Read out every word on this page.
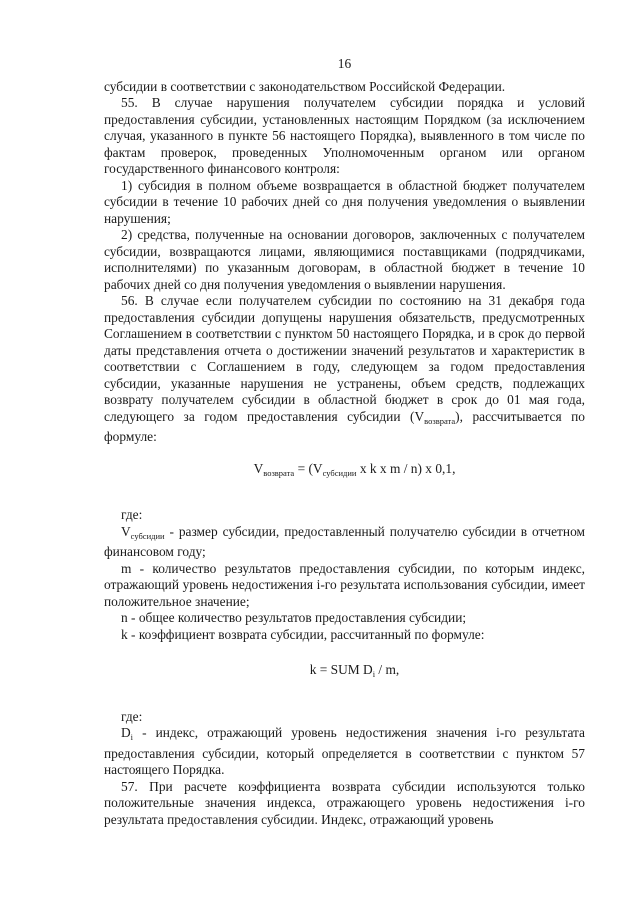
16

субсидии в соответствии с законодательством Российской Федерации.

55. В случае нарушения получателем субсидии порядка и условий предоставления субсидии, установленных настоящим Порядком (за исключением случая, указанного в пункте 56 настоящего Порядка), выявленного в том числе по фактам проверок, проведенных Уполномоченным органом или органом государственного финансового контроля:

1) субсидия в полном объеме возвращается в областной бюджет получателем субсидии в течение 10 рабочих дней со дня получения уведомления о выявлении нарушения;

2) средства, полученные на основании договоров, заключенных с получателем субсидии, возвращаются лицами, являющимися поставщиками (подрядчиками, исполнителями) по указанным договорам, в областной бюджет в течение 10 рабочих дней со дня получения уведомления о выявлении нарушения.

56. В случае если получателем субсидии по состоянию на 31 декабря года предоставления субсидии допущены нарушения обязательств, предусмотренных Соглашением в соответствии с пунктом 50 настоящего Порядка, и в срок до первой даты представления отчета о достижении значений результатов и характеристик в соответствии с Соглашением в году, следующем за годом предоставления субсидии, указанные нарушения не устранены, объем средств, подлежащих возврату получателем субсидии в областной бюджет в срок до 01 мая года, следующего за годом предоставления субсидии $(V_{возврата})$, рассчитывается по формуле:

$V_{возврата} = (V_{субсидии}$ x k x m / n) x 0,1,

где:

$V_{субсидии}$ - размер субсидии, предоставленный получателю субсидии в отчетном финансовом году;

m - количество результатов предоставления субсидии, по которым индекс, отражающий уровень недостижения i-го результата использования субсидии, имеет положительное значение;

n - общее количество результатов предоставления субсидии;

k - коэффициент возврата субсидии, рассчитанный по формуле:

k = SUM $D_i$ / m,

где:

$D_i$ - индекс, отражающий уровень недостижения значения i-го результата предоставления субсидии, который определяется в соответствии с пунктом 57 настоящего Порядка.

57. При расчете коэффициента возврата субсидии используются только положительные значения индекса, отражающего уровень недостижения i-го результата предоставления субсидии. Индекс, отражающий уровень
